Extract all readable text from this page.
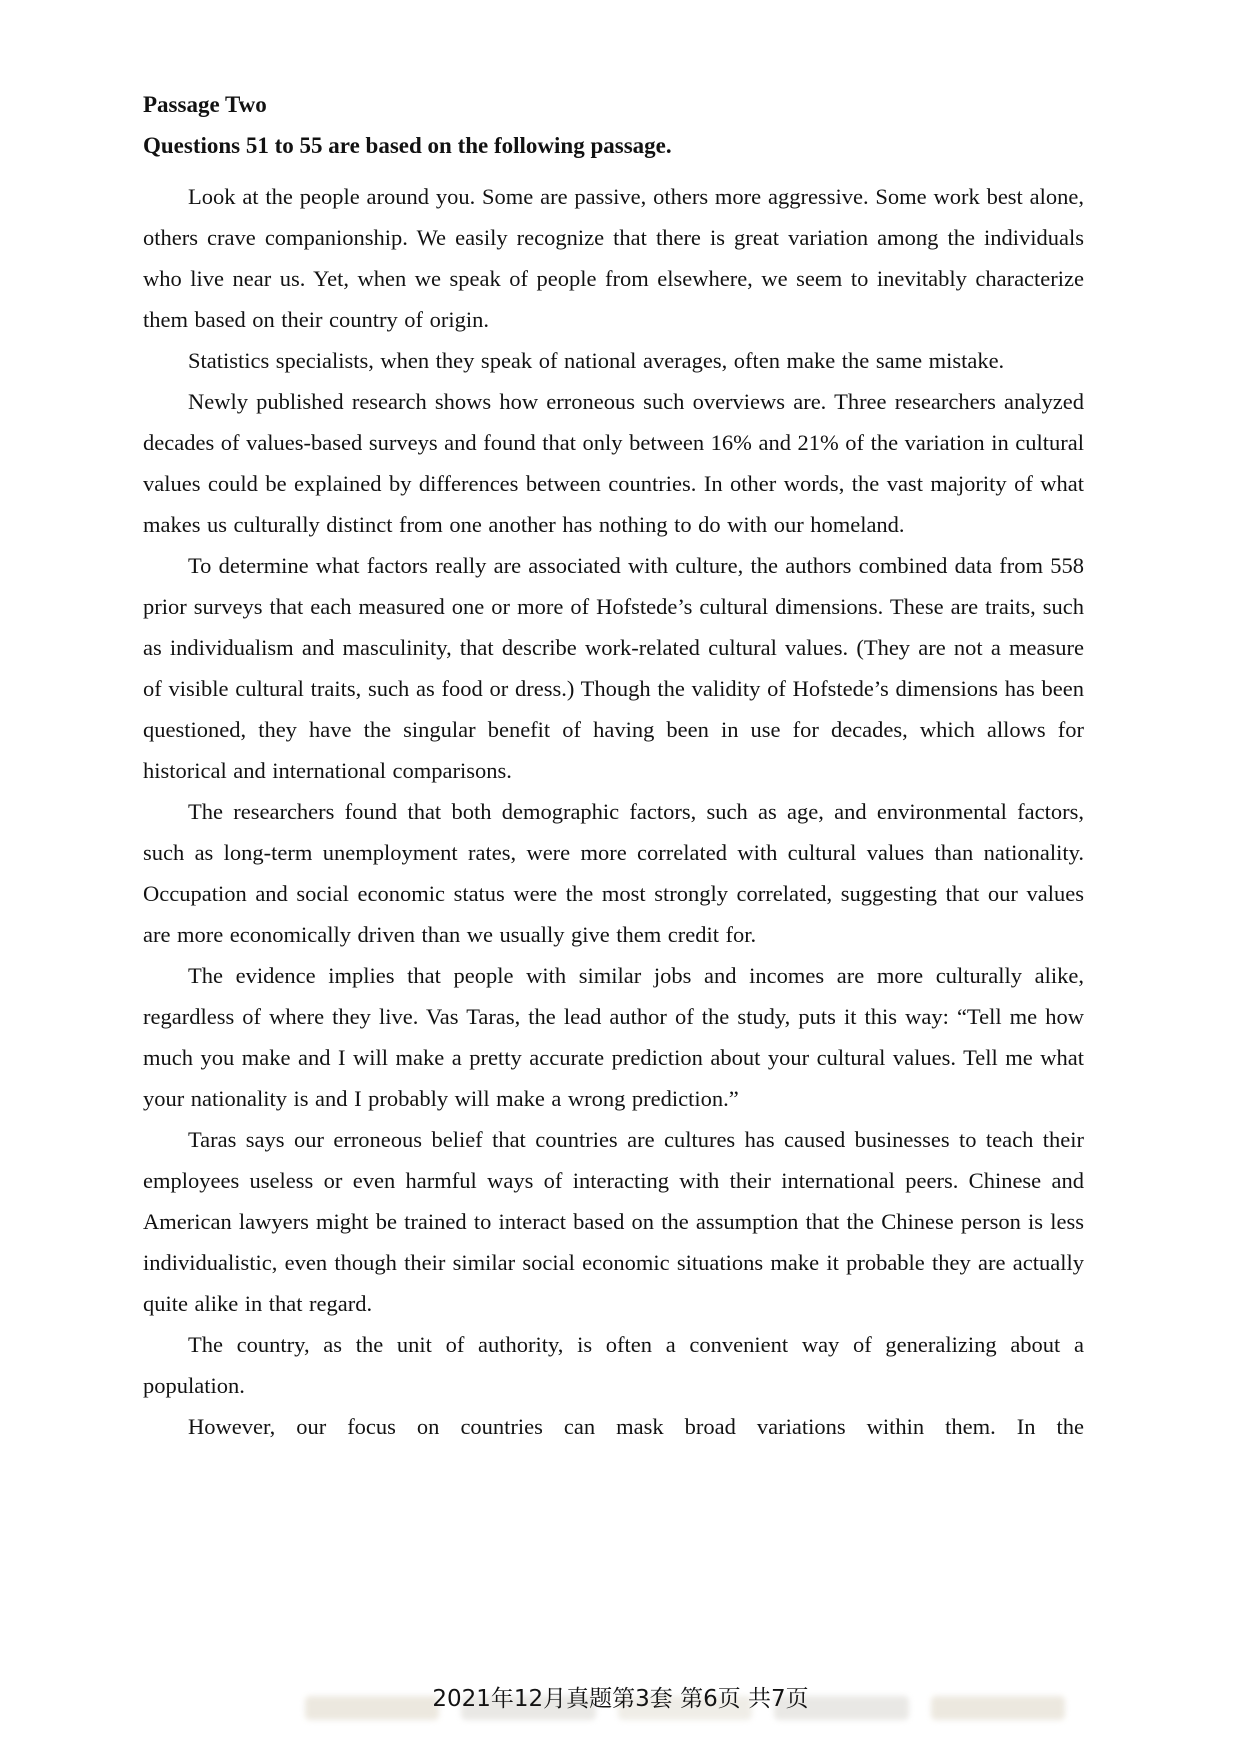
Passage Two
Questions 51 to 55 are based on the following passage.

Look at the people around you. Some are passive, others more aggressive. Some work best alone, others crave companionship. We easily recognize that there is great variation among the individuals who live near us. Yet, when we speak of people from elsewhere, we seem to inevitably characterize them based on their country of origin.

Statistics specialists, when they speak of national averages, often make the same mistake.

Newly published research shows how erroneous such overviews are. Three researchers analyzed decades of values-based surveys and found that only between 16% and 21% of the variation in cultural values could be explained by differences between countries. In other words, the vast majority of what makes us culturally distinct from one another has nothing to do with our homeland.

To determine what factors really are associated with culture, the authors combined data from 558 prior surveys that each measured one or more of Hofstede’s cultural dimensions. These are traits, such as individualism and masculinity, that describe work-related cultural values. (They are not a measure of visible cultural traits, such as food or dress.) Though the validity of Hofstede’s dimensions has been questioned, they have the singular benefit of having been in use for decades, which allows for historical and international comparisons.

The researchers found that both demographic factors, such as age, and environmental factors, such as long-term unemployment rates, were more correlated with cultural values than nationality. Occupation and social economic status were the most strongly correlated, suggesting that our values are more economically driven than we usually give them credit for.

The evidence implies that people with similar jobs and incomes are more culturally alike, regardless of where they live. Vas Taras, the lead author of the study, puts it this way: “Tell me how much you make and I will make a pretty accurate prediction about your cultural values. Tell me what your nationality is and I probably will make a wrong prediction.”

Taras says our erroneous belief that countries are cultures has caused businesses to teach their employees useless or even harmful ways of interacting with their international peers. Chinese and American lawyers might be trained to interact based on the assumption that the Chinese person is less individualistic, even though their similar social economic situations make it probable they are actually quite alike in that regard.

The country, as the unit of authority, is often a convenient way of generalizing about a population.

However, our focus on countries can mask broad variations within them. In the

2021年12月真题第3套 第6页 共7页
